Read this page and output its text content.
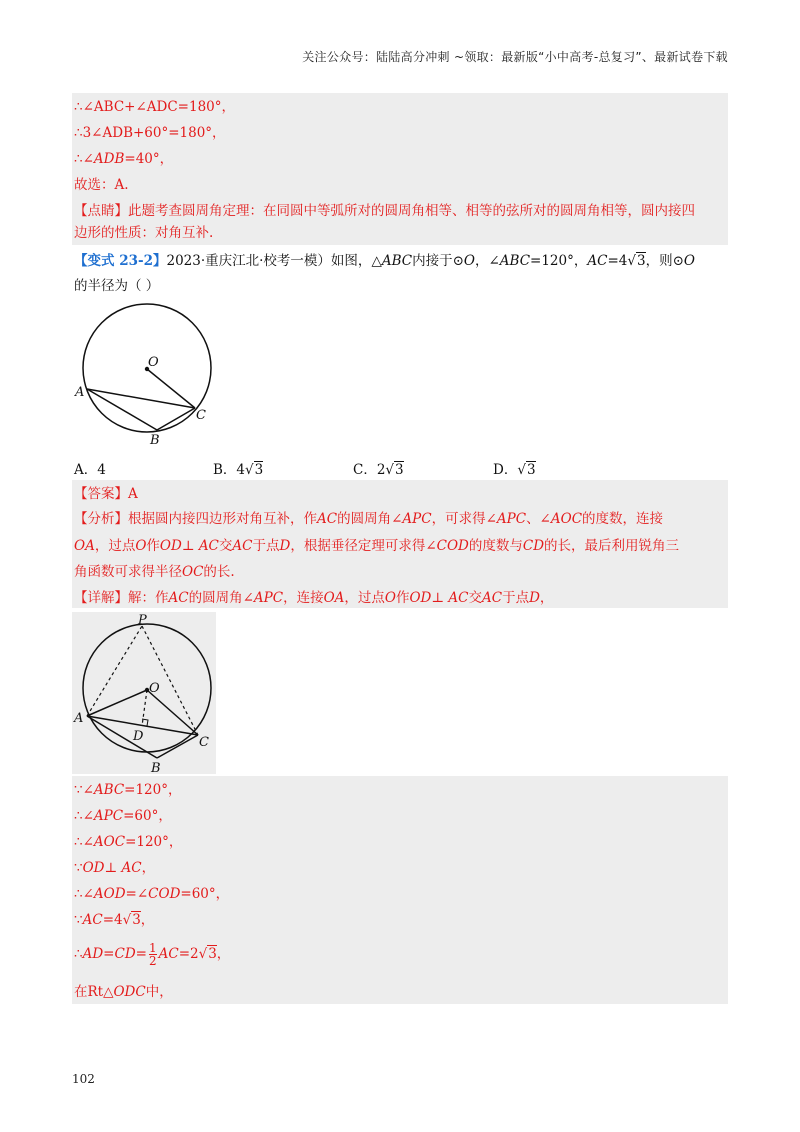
关注公众号：陆陆高分冲刺 ~领取：最新版“小中高考-总复习”、最新试卷下载
∴∠ABC+∠ADC=180°，
∴3∠ADB+60°=180°，
∴∠ADB=40°，
故选：A.
【点睛】此题考查圆周角定理：在同圆中等弧所对的圆周角相等、相等的弦所对的圆周角相等，圆内接四
边形的性质：对角互补.
【变式 23-2】2023·重庆江北·校考一模）如图，△ABC内接于⊙O，∠ABC=120°，AC=4√3，则⊙O
的半径为（ ）
O
A
B
C
A．4	B．4√3	C．2√3	D．√3
【答案】A
【分析】根据圆内接四边形对角互补，作AC的圆周角∠APC，可求得∠APC、∠AOC的度数，连接
OA，过点O作OD⊥ AC交AC于点D，根据垂径定理可求得∠COD的度数与CD的长，最后利用锐角三
角函数可求得半径OC的长.
【详解】解：作AC的圆周角∠APC，连接OA，过点O作OD⊥ AC交AC于点D，
P
O
A
D
B
C
∵∠ABC=120°，
∴∠APC=60°，
∴∠AOC=120°，
∵OD⊥ AC，
∴∠AOD=∠COD=60°，
∵AC=4√3，
∴AD=CD= $\frac{1}{2} AC=2√3$，
在Rt△ODC中，
102
